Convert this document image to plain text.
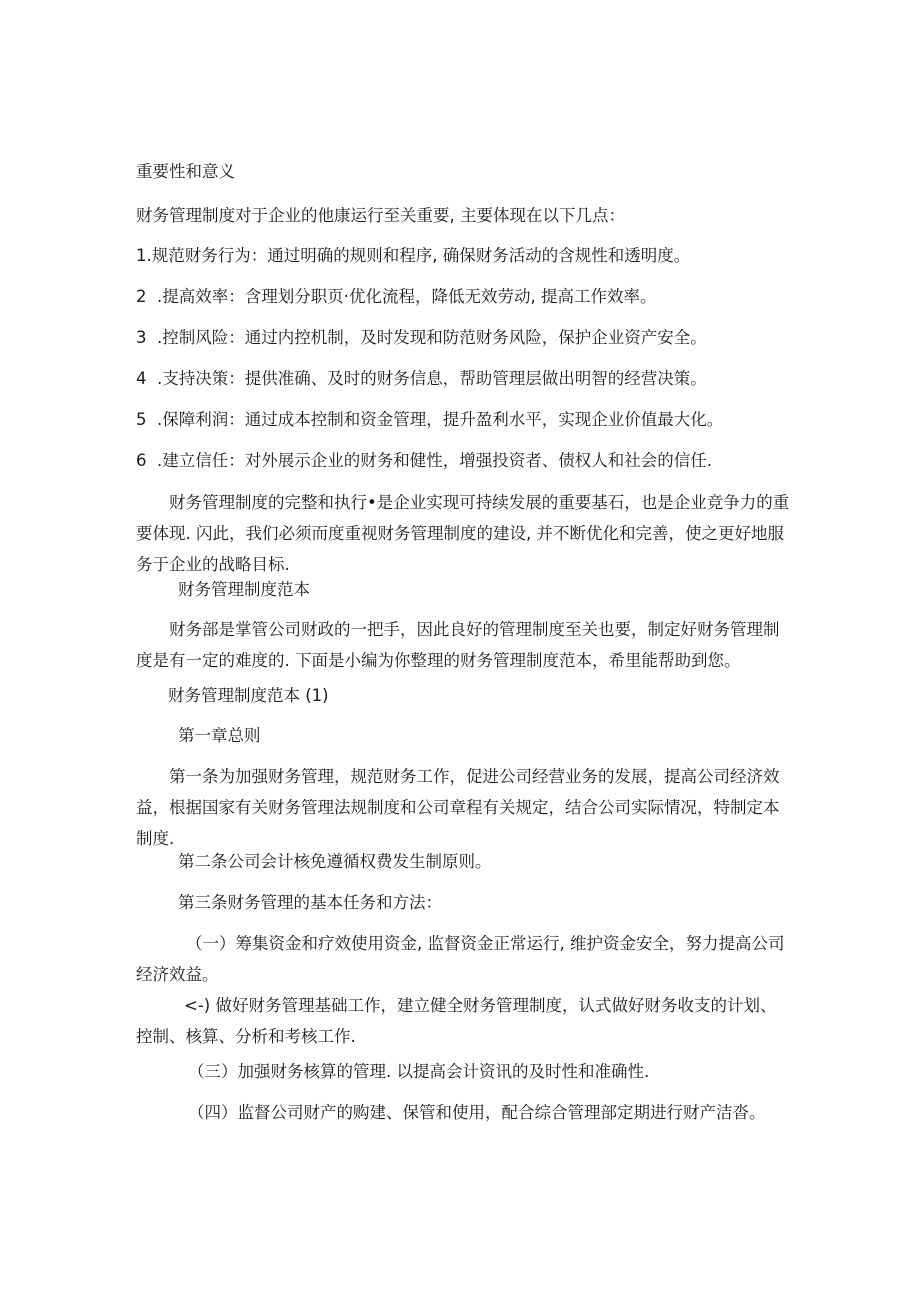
重要性和意义
财务管理制度对于企业的他康运行至关重要, 主要体现在以下几点：
1.规范财务行为：通过明确的规则和程序, 确保财务活动的含规性和透明度。
2  .提高效率：含理划分职页·优化流程，降低无效劳动, 提高工作效率。
3  .控制风险：通过内控机制，及时发现和防范财务风险，保护企业资产安全。
4  .支持决策：提供准确、及时的财务信息，帮助管理层做出明智的经营决策。
5  .保障利润：通过成本控制和资金管理，提升盈利水平，实现企业价值最大化。
6  .建立信任：对外展示企业的财务和健性，增强投资者、债权人和社会的信任.
财务管理制度的完整和执行•是企业实现可持续发展的重要基石，也是企业竞争力的重要体现. 闪此，我们必须而度重视财务管理制度的建设, 并不断优化和完善，使之更好地服务于企业的战略目标.
财务管理制度范本
财务部是掌管公司财政的一把手，因此良好的管理制度至关也要，制定好财务管理制度是有一定的难度的. 下面是小编为你整理的财务管理制度范本，希里能帮助到您。
财务管理制度范本 (1)
第一章总则
第一条为加强财务管理，规范财务工作，促进公司经营业务的发展，提高公司经济效益，根据国家有关财务管理法规制度和公司章程有关规定，结合公司实际情况，特制定本制度.
第二条公司会计核免遵循权费发生制原则。
第三条财务管理的基本任务和方法：
（一）筹集资金和疗效使用资金, 监督资金正常运行, 维护资金安全，努力提高公司经济效益。
<-) 做好财务管理基础工作，建立健全财务管理制度，认式做好财务收支的计划、控制、核算、分析和考核工作.
（三）加强财务核算的管理. 以提高会计资讯的及时性和准确性.
（四）监督公司财产的购建、保管和使用，配合综合管理部定期进行财产洁沓。
